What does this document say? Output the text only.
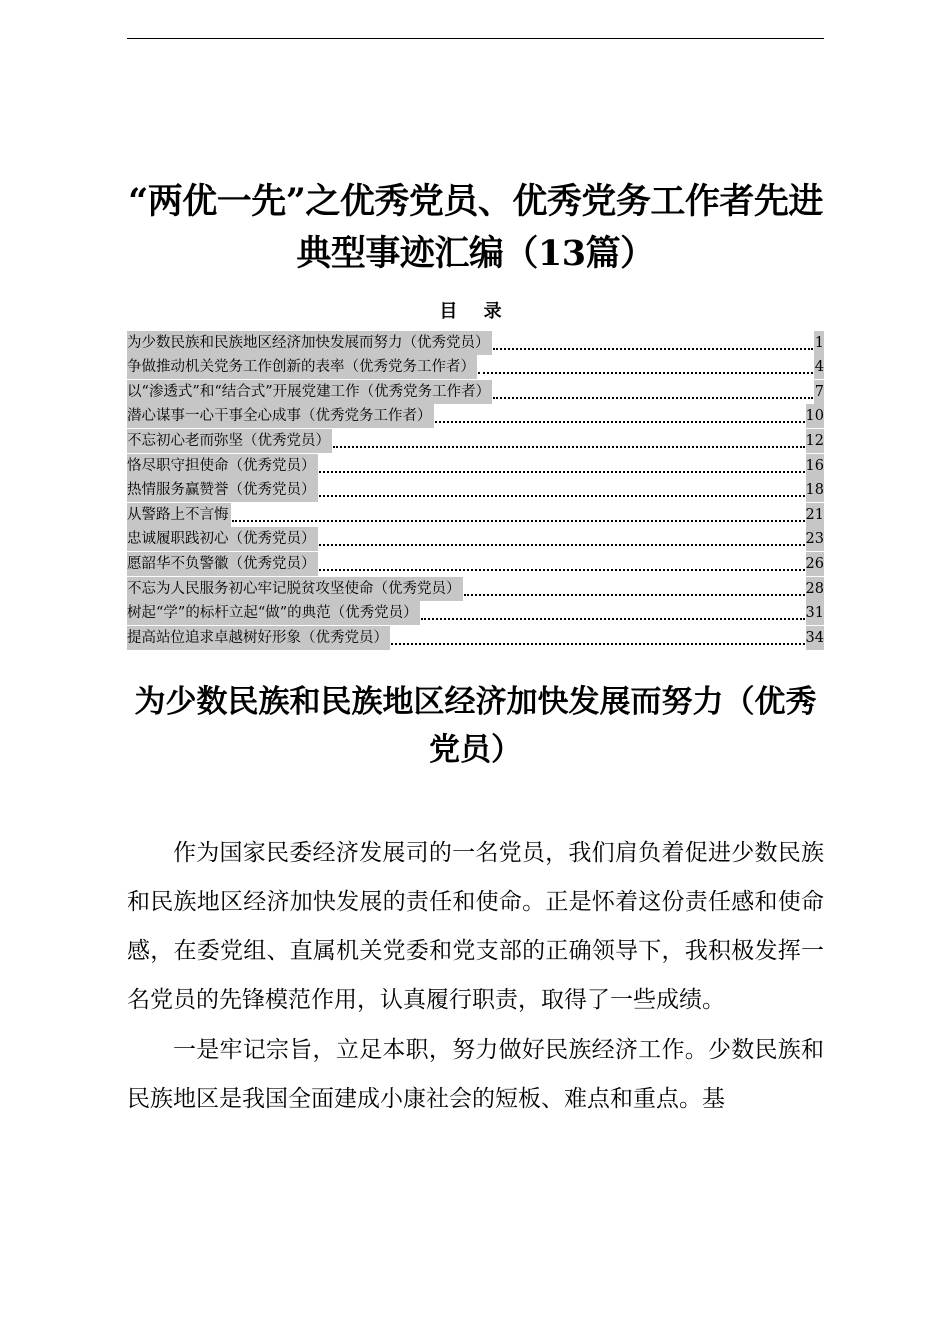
“两优一先”之优秀党员、优秀党务工作者先进典型事迹汇编（13篇）
目 录
为少数民族和民族地区经济加快发展而努力（优秀党员）	1
争做推动机关党务工作创新的表率（优秀党务工作者）	4
以“渗透式”和“结合式”开展党建工作（优秀党务工作者）	7
潜心谋事一心干事全心成事（优秀党务工作者）	10
不忘初心老而弥坚（优秀党员）	12
恪尽职守担使命（优秀党员）	16
热情服务赢赞誉（优秀党员）	18
从警路上不言悔	21
忠诚履职践初心（优秀党员）	23
愿韶华不负警徽（优秀党员）	26
不忘为人民服务初心牢记脱贫攻坚使命（优秀党员）	28
树起“学”的标杆立起“做”的典范（优秀党员）	31
提高站位追求卓越树好形象（优秀党员）	34
为少数民族和民族地区经济加快发展而努力（优秀党员）

作为国家民委经济发展司的一名党员，我们肩负着促进少数民族和民族地区经济加快发展的责任和使命。正是怀着这份责任感和使命感，在委党组、直属机关党委和党支部的正确领导下，我积极发挥一名党员的先锋模范作用，认真履行职责，取得了一些成绩。

一是牢记宗旨，立足本职，努力做好民族经济工作。少数民族和民族地区是我国全面建成小康社会的短板、难点和重点。基
